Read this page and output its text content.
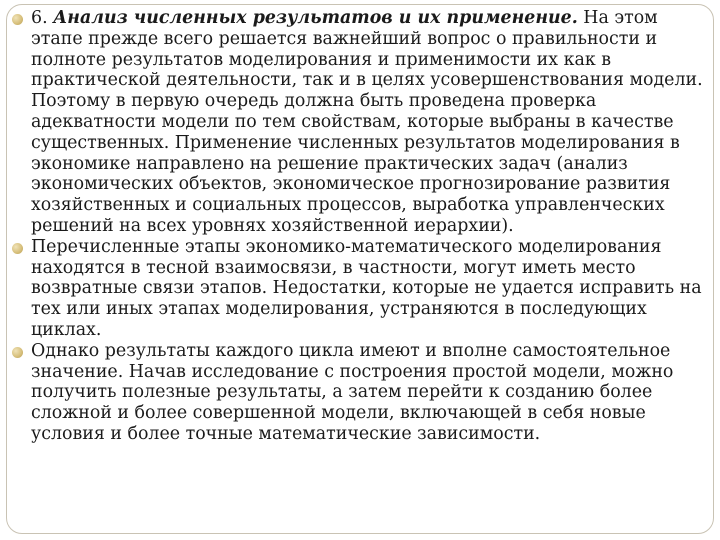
6. Анализ численных результатов и их применение. На этом этапе прежде всего решается важнейший вопрос о правильности и полноте результатов моделирования и применимости их как в практической деятельности, так и в целях усовершенствования модели. Поэтому в первую очередь должна быть проведена проверка адекватности модели по тем свойствам, которые выбраны в качестве существенных. Применение численных результатов моделирования в экономике направлено на решение практических задач (анализ экономических объектов, экономическое прогнозирование развития хозяйственных и социальных процессов, выработка управленческих решений на всех уровнях хозяйственной иерархии).

Перечисленные этапы экономико-математического моделирования находятся в тесной взаимосвязи, в частности, могут иметь место возвратные связи этапов. Недостатки, которые не удается исправить на тех или иных этапах моделирования, устраняются в последующих циклах.

Однако результаты каждого цикла имеют и вполне самостоятельное значение. Начав исследование с построения простой модели, можно получить полезные результаты, а затем перейти к созданию более сложной и более совершенной модели, включающей в себя новые условия и более точные математические зависимости.
